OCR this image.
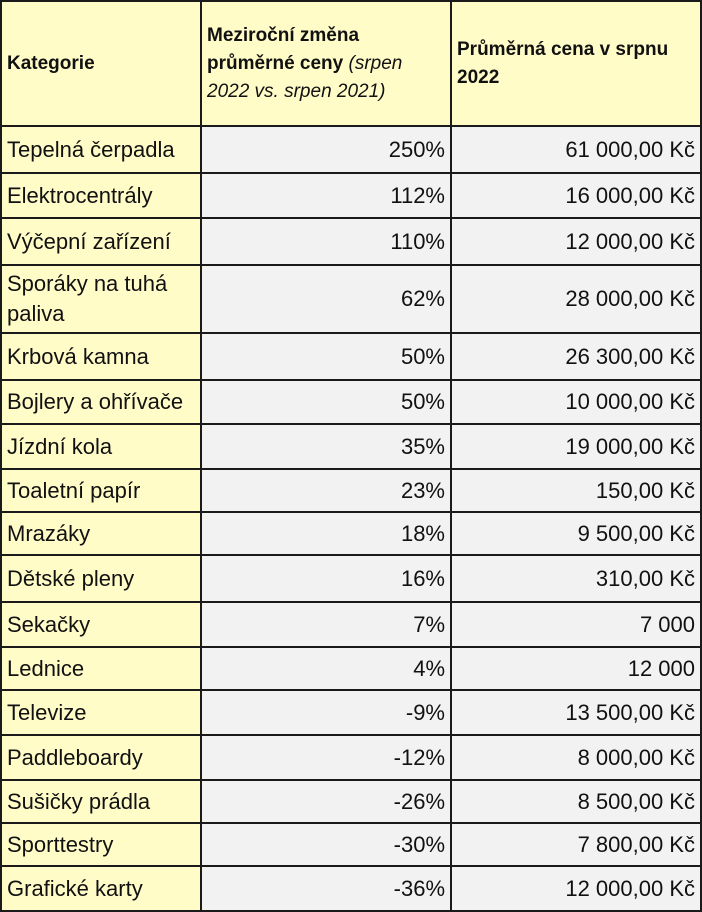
Kategorie	Meziroční změna průměrné ceny (srpen 2022 vs. srpen 2021)	Průměrná cena v srpnu 2022
Tepelná čerpadla	250%	61 000,00 Kč
Elektrocentrály	112%	16 000,00 Kč
Výčepní zařízení	110%	12 000,00 Kč
Sporáky na tuhá paliva	62%	28 000,00 Kč
Krbová kamna	50%	26 300,00 Kč
Bojlery a ohřívače	50%	10 000,00 Kč
Jízdní kola	35%	19 000,00 Kč
Toaletní papír	23%	150,00 Kč
Mrazáky	18%	9 500,00 Kč
Dětské pleny	16%	310,00 Kč
Sekačky	7%	7 000
Lednice	4%	12 000
Televize	-9%	13 500,00 Kč
Paddleboardy	-12%	8 000,00 Kč
Sušičky prádla	-26%	8 500,00 Kč
Sporttestry	-30%	7 800,00 Kč
Grafické karty	-36%	12 000,00 Kč
